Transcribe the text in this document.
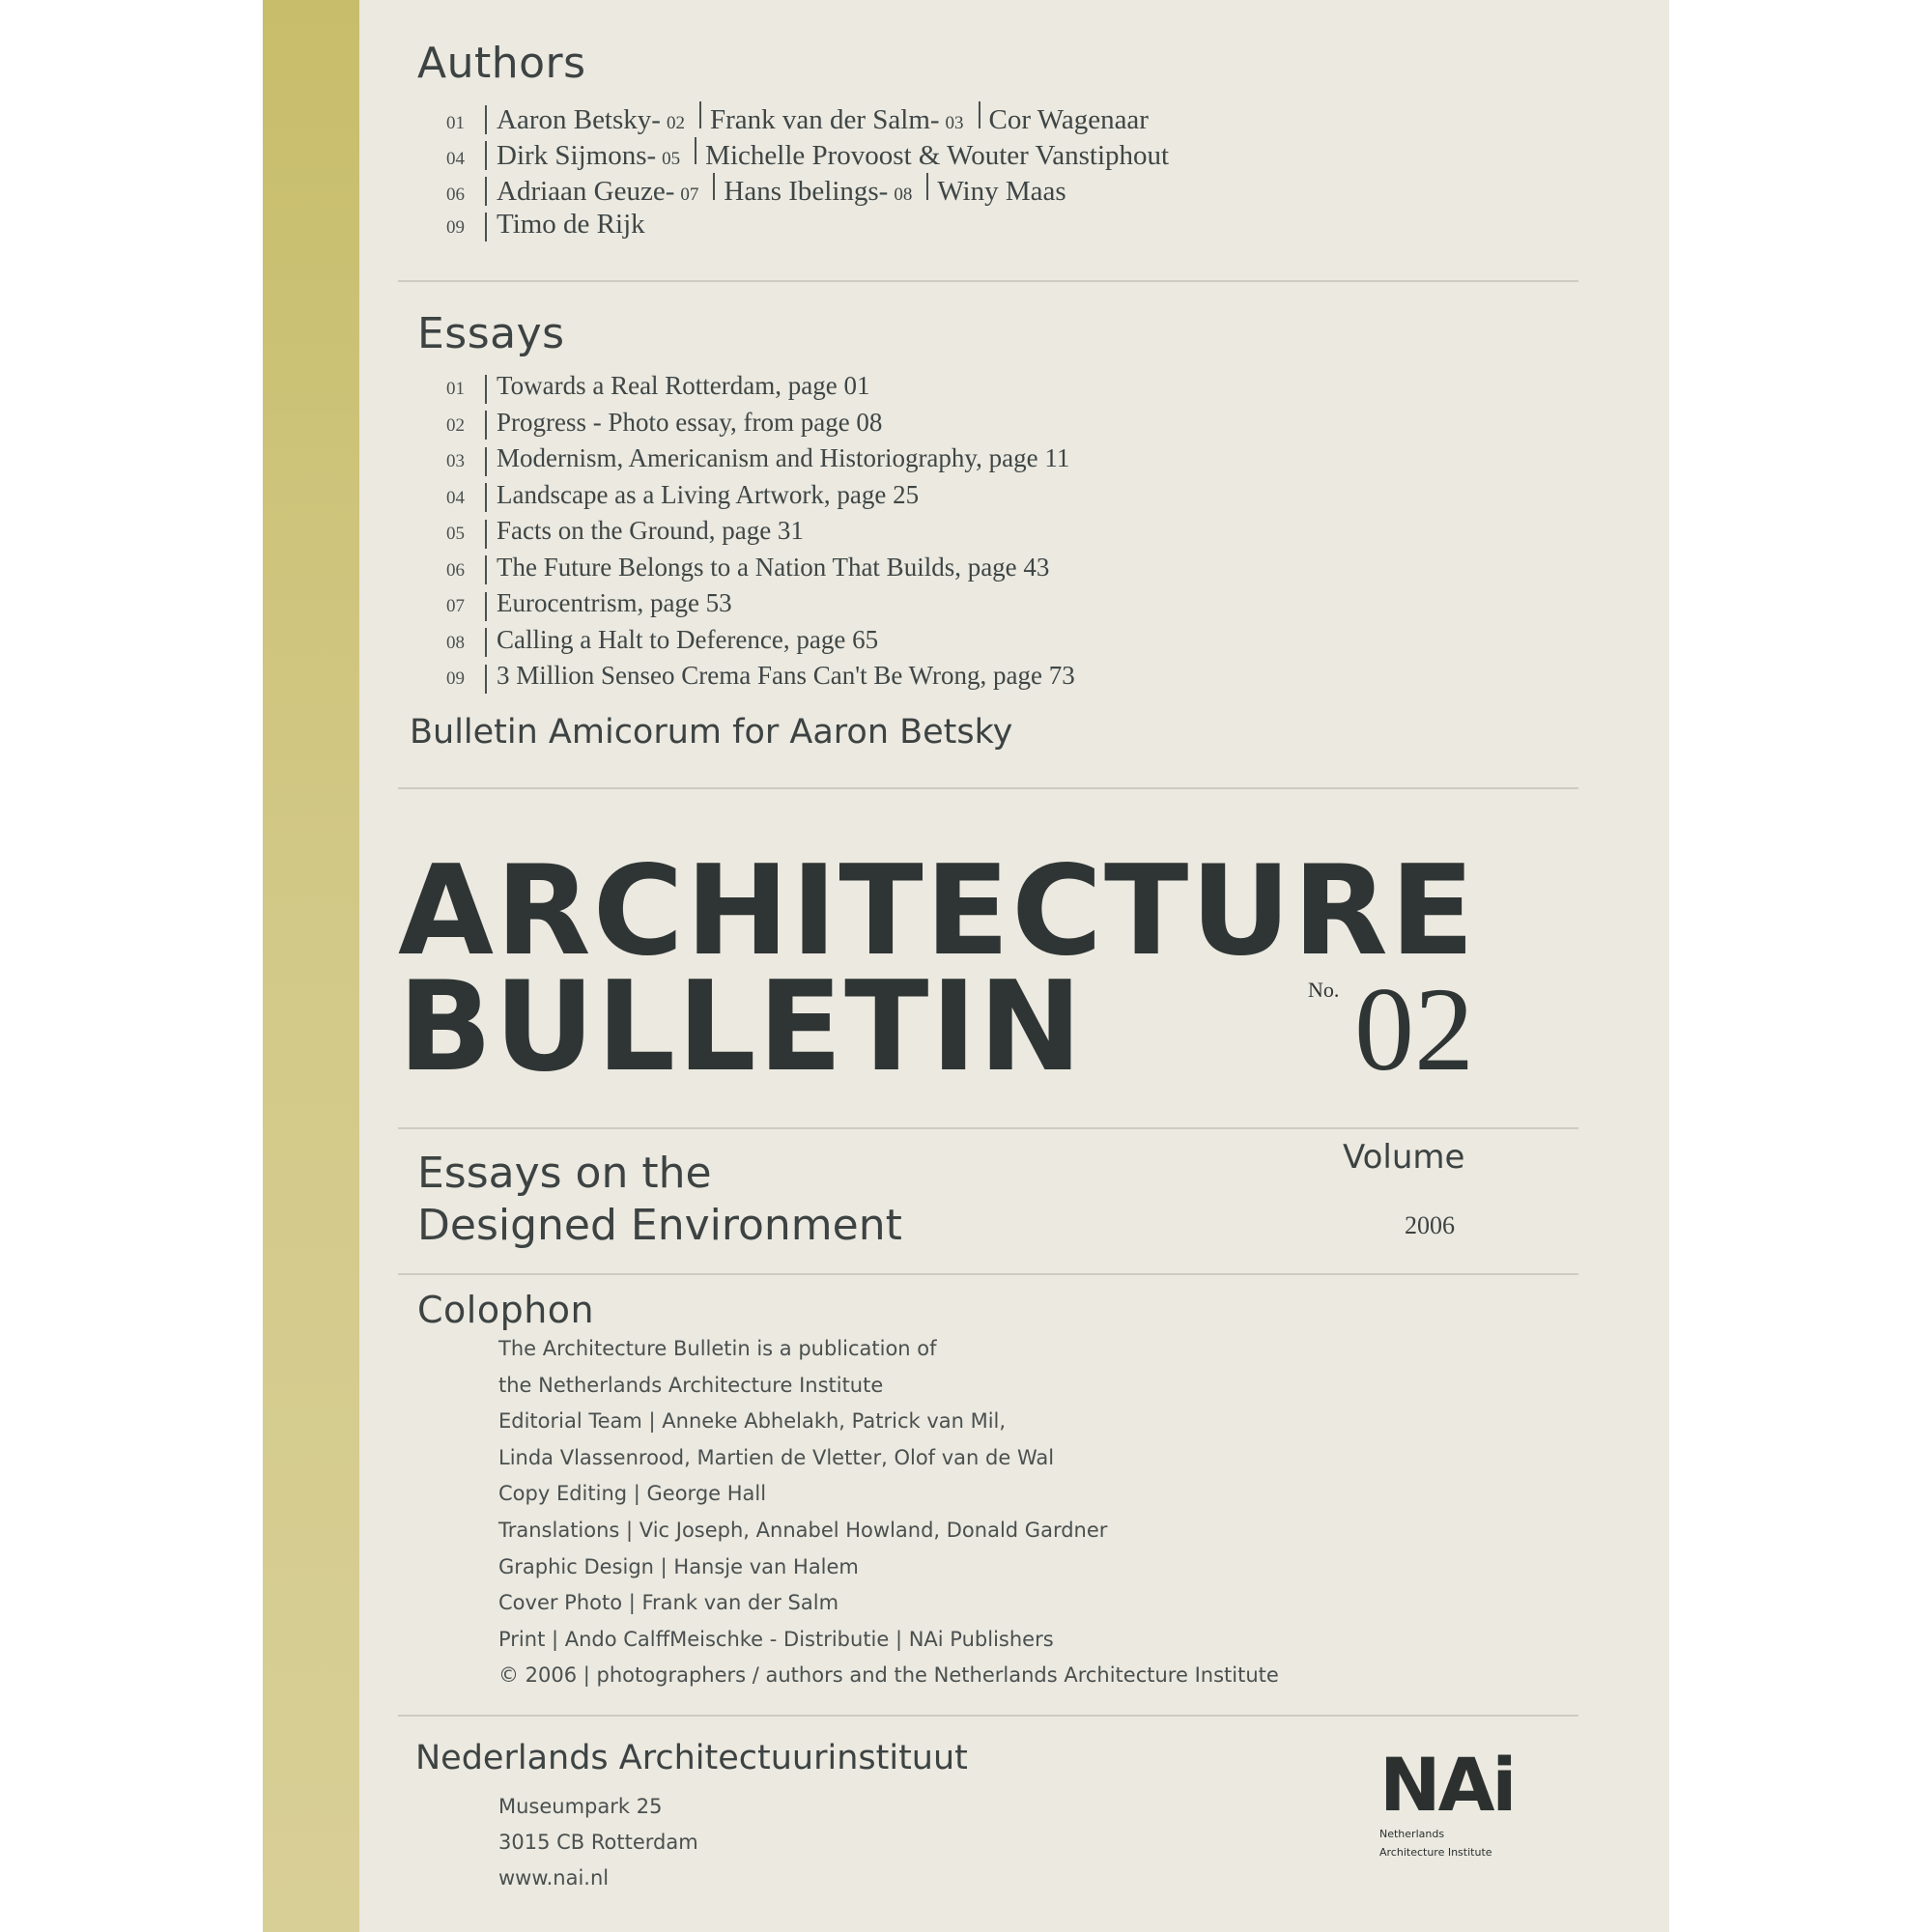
Authors
01	Aaron Betsky - 02 Frank van der Salm - 03 Cor Wagenaar
04	Dirk Sijmons - 05 Michelle Provoost & Wouter Vanstiphout
06	Adriaan Geuze - 07 Hans Ibelings - 08 Winy Maas
09	Timo de Rijk
Essays
01	Towards a Real Rotterdam, page 01
02	Progress - Photo essay, from page 08
03	Modernism, Americanism and Historiography, page 11
04	Landscape as a Living Artwork, page 25
05	Facts on the Ground, page 31
06	The Future Belongs to a Nation That Builds, page 43
07	Eurocentrism, page 53
08	Calling a Halt to Deference, page 65
09	3 Million Senseo Crema Fans Can't Be Wrong, page 73

Bulletin Amicorum for Aaron Betsky

ARCHITECTURE
BULLETIN	No. 02

Essays on the
Designed Environment

Volume
2006
Colophon
The Architecture Bulletin is a publication of
the Netherlands Architecture Institute
Editorial Team | Anneke Abhelakh, Patrick van Mil,
Linda Vlassenrood, Martien de Vletter, Olof van de Wal
Copy Editing | George Hall
Translations | Vic Joseph, Annabel Howland, Donald Gardner
Graphic Design | Hansje van Halem
Cover Photo | Frank van der Salm
Print | Ando CalffMeischke - Distributie | NAi Publishers
© 2006 | photographers / authors and the Netherlands Architecture Institute

Nederlands Architectuurinstituut

Museumpark 25
3015 CB Rotterdam
www.nai.nl
NAi
Netherlands
Architecture Institute
